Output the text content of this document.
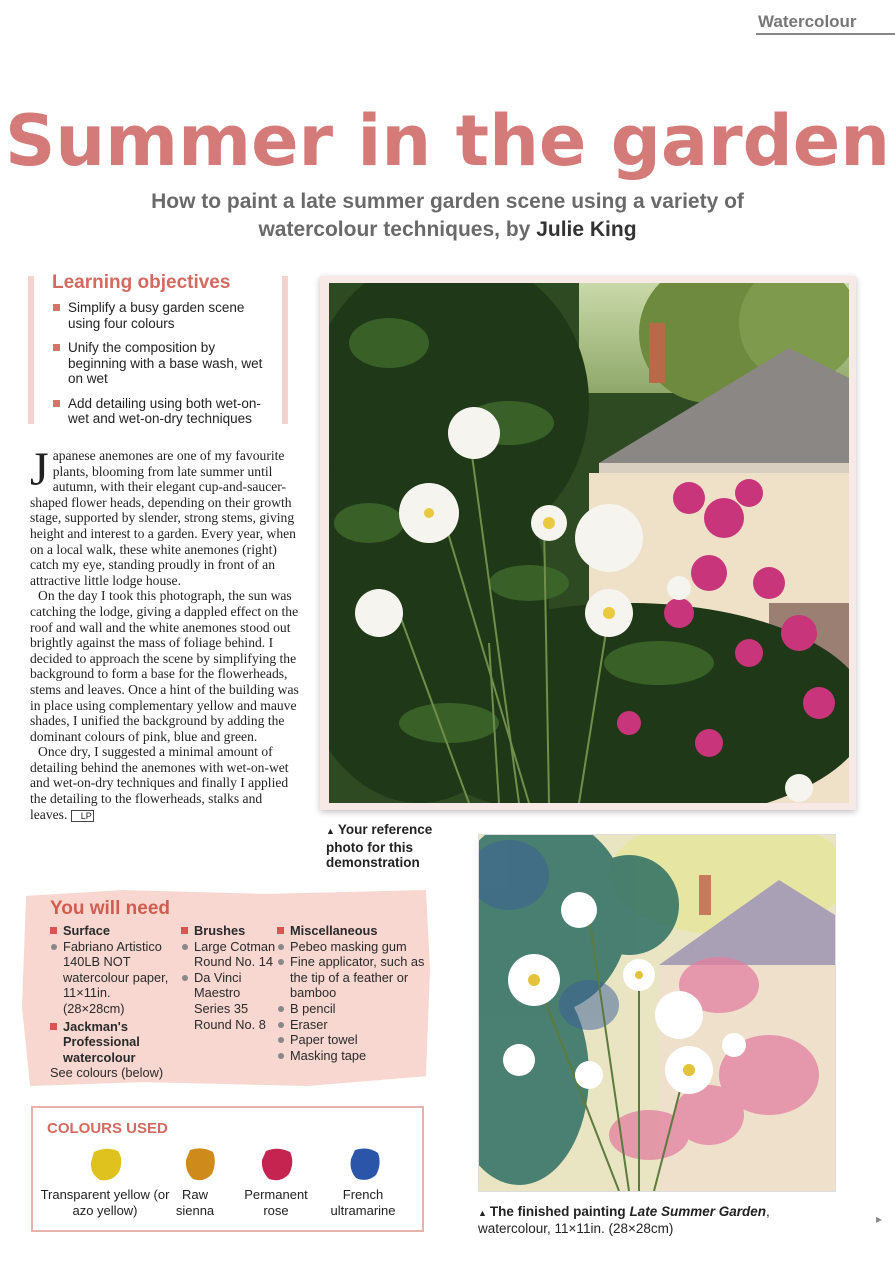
Watercolour
Summer in the garden
How to paint a late summer garden scene using a variety of watercolour techniques, by Julie King
Learning objectives
Simplify a busy garden scene using four colours
Unify the composition by beginning with a base wash, wet on wet
Add detailing using both wet-on-wet and wet-on-dry techniques

Japanese anemones are one of my favourite plants, blooming from late summer until autumn, with their elegant cup-and-saucer-shaped flower heads, depending on their growth stage, supported by slender, strong stems, giving height and interest to a garden. Every year, when on a local walk, these white anemones (right) catch my eye, standing proudly in front of an attractive little lodge house.

On the day I took this photograph, the sun was catching the lodge, giving a dappled effect on the roof and wall and the white anemones stood out brightly against the mass of foliage behind. I decided to approach the scene by simplifying the background to form a base for the flowerheads, stems and leaves. Once a hint of the building was in place using complementary yellow and mauve shades, I unified the background by adding the dominant colours of pink, blue and green.

Once dry, I suggested a minimal amount of detailing behind the anemones with wet-on-wet and wet-on-dry techniques and finally I applied the detailing to the flowerheads, stalks and leaves. LP

▲ Your reference photo for this demonstration
▲ The finished painting Late Summer Garden,
watercolour, 11×11in. (28×28cm)
▸
You will need
Surface
Fabriano Artistico 140LB NOT watercolour paper, 11×11in. (28×28cm)
Jackman's Professional watercolour
See colours (below)
Brushes
Large Cotman Round No. 14
Da Vinci Maestro Series 35 Round No. 8
Miscellaneous
Pebeo masking gum
Fine applicator, such as the tip of a feather or bamboo
B pencil
Eraser
Paper towel
Masking tape
COLOURS USED
Transparent yellow (or azo yellow)
Raw sienna
Permanent rose
French ultramarine
